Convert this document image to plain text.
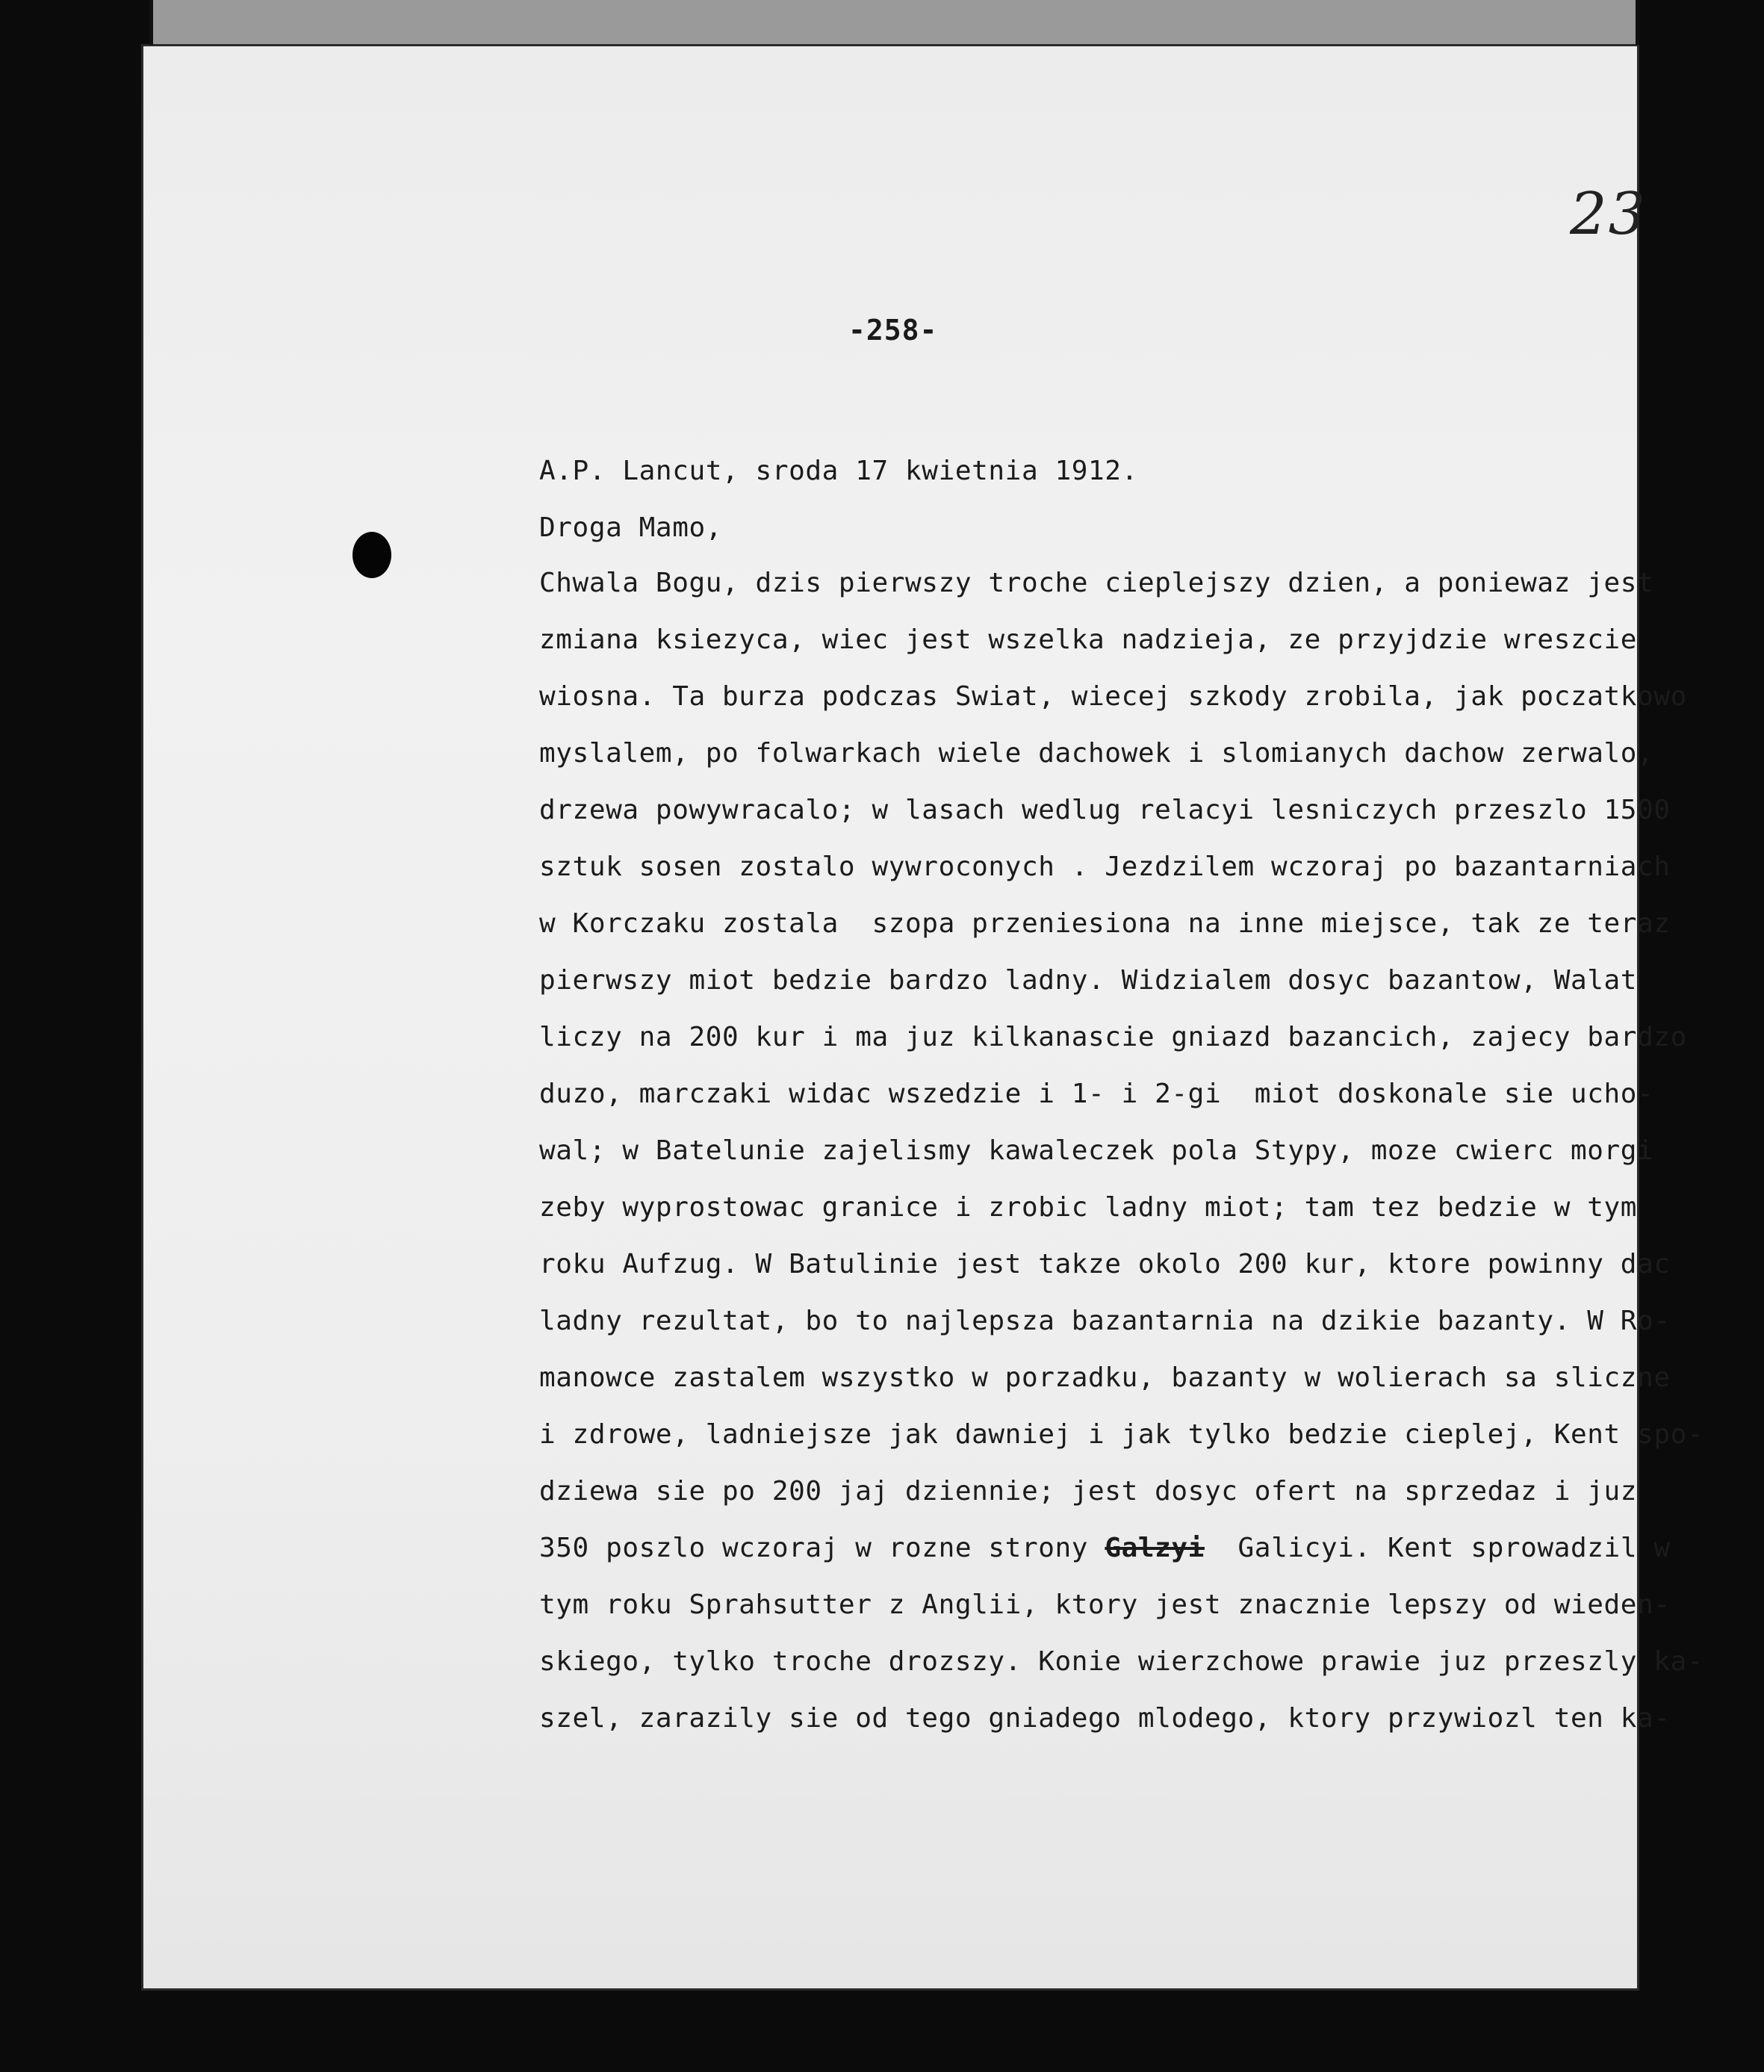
23
-258-
A.P. Lancut, sroda 17 kwietnia 1912.
Droga Mamo,
Chwala Bogu, dzis pierwszy troche cieplejszy dzien, a poniewaz jest
zmiana ksiezyca, wiec jest wszelka nadzieja, ze przyjdzie wreszcie
wiosna. Ta burza podczas Swiat, wiecej szkody zrobila, jak poczatkowo
myslalem, po folwarkach wiele dachowek i slomianych dachow zerwalo,
drzewa powywracalo; w lasach wedlug relacyi lesniczych przeszlo 1500
sztuk sosen zostalo wywroconych . Jezdzilem wczoraj po bazantarniach
w Korczaku zostala  szopa przeniesiona na inne miejsce, tak ze teraz
pierwszy miot bedzie bardzo ladny. Widzialem dosyc bazantow, Walat
liczy na 200 kur i ma juz kilkanascie gniazd bazancich, zajecy bardzo
duzo, marczaki widac wszedzie i 1- i 2-gi  miot doskonale sie ucho-
wal; w Batelunie zajelismy kawaleczek pola Stypy, moze cwierc morgi
zeby wyprostowac granice i zrobic ladny miot; tam tez bedzie w tym
roku Aufzug. W Batulinie jest takze okolo 200 kur, ktore powinny dac
ladny rezultat, bo to najlepsza bazantarnia na dzikie bazanty. W Ro-
manowce zastalem wszystko w porzadku, bazanty w wolierach sa sliczne
i zdrowe, ladniejsze jak dawniej i jak tylko bedzie cieplej, Kent spo-
dziewa sie po 200 jaj dziennie; jest dosyc ofert na sprzedaz i juz
350 poszlo wczoraj w rozne strony Galzyi  Galicyi. Kent sprowadzil w
tym roku Sprahsutter z Anglii, ktory jest znacznie lepszy od wieden-
skiego, tylko troche drozszy. Konie wierzchowe prawie juz przeszly ka-
szel, zarazily sie od tego gniadego mlodego, ktory przywiozl ten ka-
